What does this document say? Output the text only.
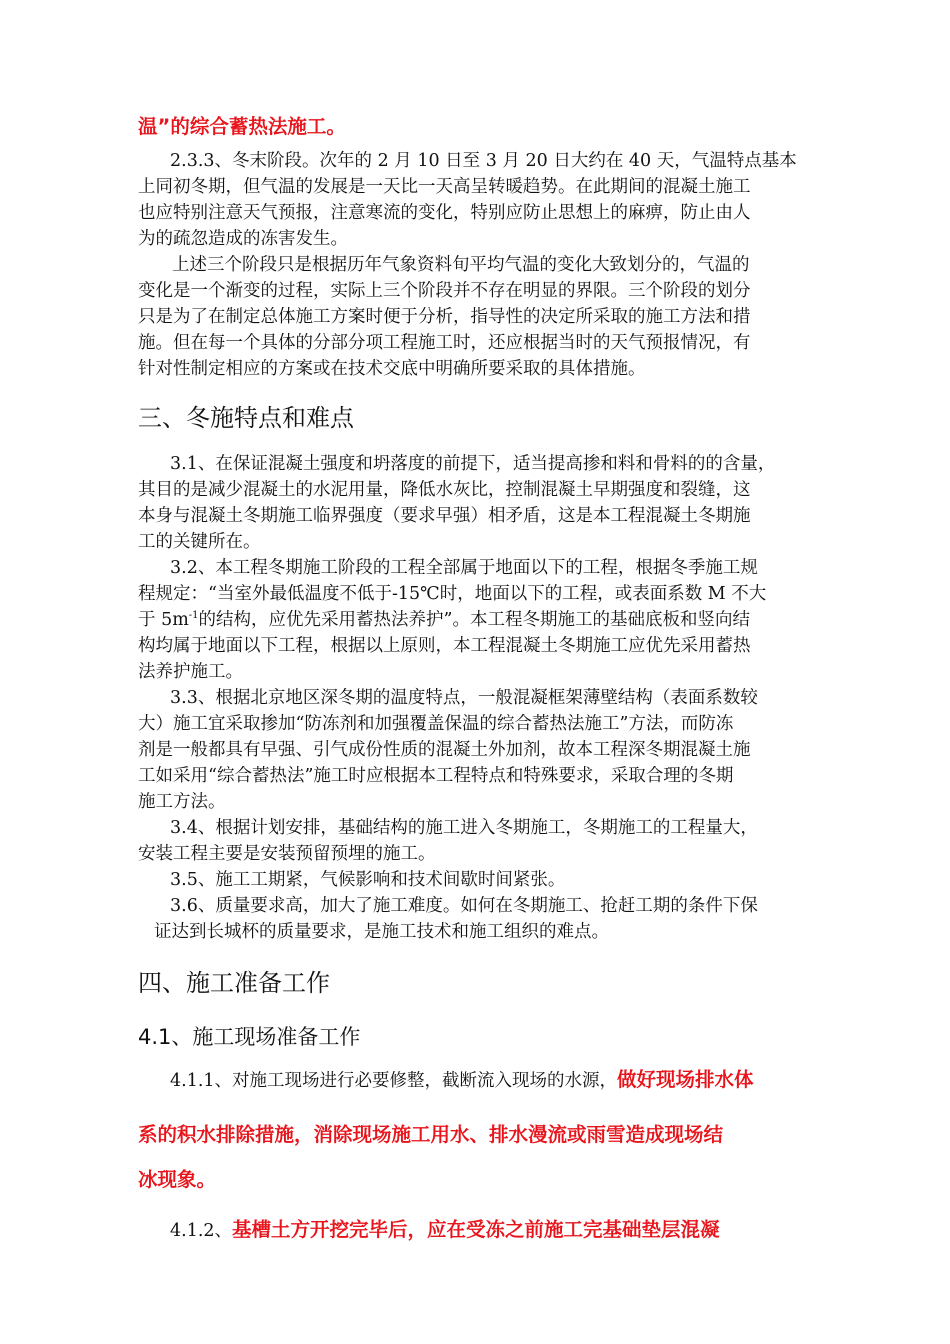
温”的综合蓄热法施工。
2.3.3、冬末阶段。次年的 2 月 10 日至 3 月 20 日大约在 40 天，气温特点基本
上同初冬期，但气温的发展是一天比一天高呈转暖趋势。在此期间的混凝土施工
也应特别注意天气预报，注意寒流的变化，特别应防止思想上的麻痹，防止由人
为的疏忽造成的冻害发生。
上述三个阶段只是根据历年气象资料旬平均气温的变化大致划分的，气温的
变化是一个渐变的过程，实际上三个阶段并不存在明显的界限。三个阶段的划分
只是为了在制定总体施工方案时便于分析，指导性的决定所采取的施工方法和措
施。但在每一个具体的分部分项工程施工时，还应根据当时的天气预报情况，有
针对性制定相应的方案或在技术交底中明确所要采取的具体措施。
三、冬施特点和难点
3.1、在保证混凝土强度和坍落度的前提下，适当提高掺和料和骨料的的含量，
其目的是减少混凝土的水泥用量，降低水灰比，控制混凝土早期强度和裂缝，这
本身与混凝土冬期施工临界强度（要求早强）相矛盾，这是本工程混凝土冬期施
工的关键所在。
3.2、本工程冬期施工阶段的工程全部属于地面以下的工程，根据冬季施工规
程规定：“当室外最低温度不低于-15℃时，地面以下的工程，或表面系数 M 不大
于 $5m^{-1}$的结构，应优先采用蓄热法养护”。本工程冬期施工的基础底板和竖向结
构均属于地面以下工程，根据以上原则，本工程混凝土冬期施工应优先采用蓄热
法养护施工。
3.3、根据北京地区深冬期的温度特点，一般混凝框架薄壁结构（表面系数较
大）施工宜采取掺加“防冻剂和加强覆盖保温的综合蓄热法施工”方法，而防冻
剂是一般都具有早强、引气成份性质的混凝土外加剂，故本工程深冬期混凝土施
工如采用“综合蓄热法”施工时应根据本工程特点和特殊要求，采取合理的冬期
施工方法。
3.4、根据计划安排，基础结构的施工进入冬期施工，冬期施工的工程量大，
安装工程主要是安装预留预埋的施工。
3.5、施工工期紧，气候影响和技术间歇时间紧张。
3.6、质量要求高，加大了施工难度。如何在冬期施工、抢赶工期的条件下保
证达到长城杯的质量要求，是施工技术和施工组织的难点。
四、施工准备工作
4.1、施工现场准备工作
4.1.1、对施工现场进行必要修整，截断流入现场的水源，做好现场排水体
系的积水排除措施，消除现场施工用水、排水漫流或雨雪造成现场结
冰现象。
4.1.2、基槽土方开挖完毕后，应在受冻之前施工完基础垫层混凝
